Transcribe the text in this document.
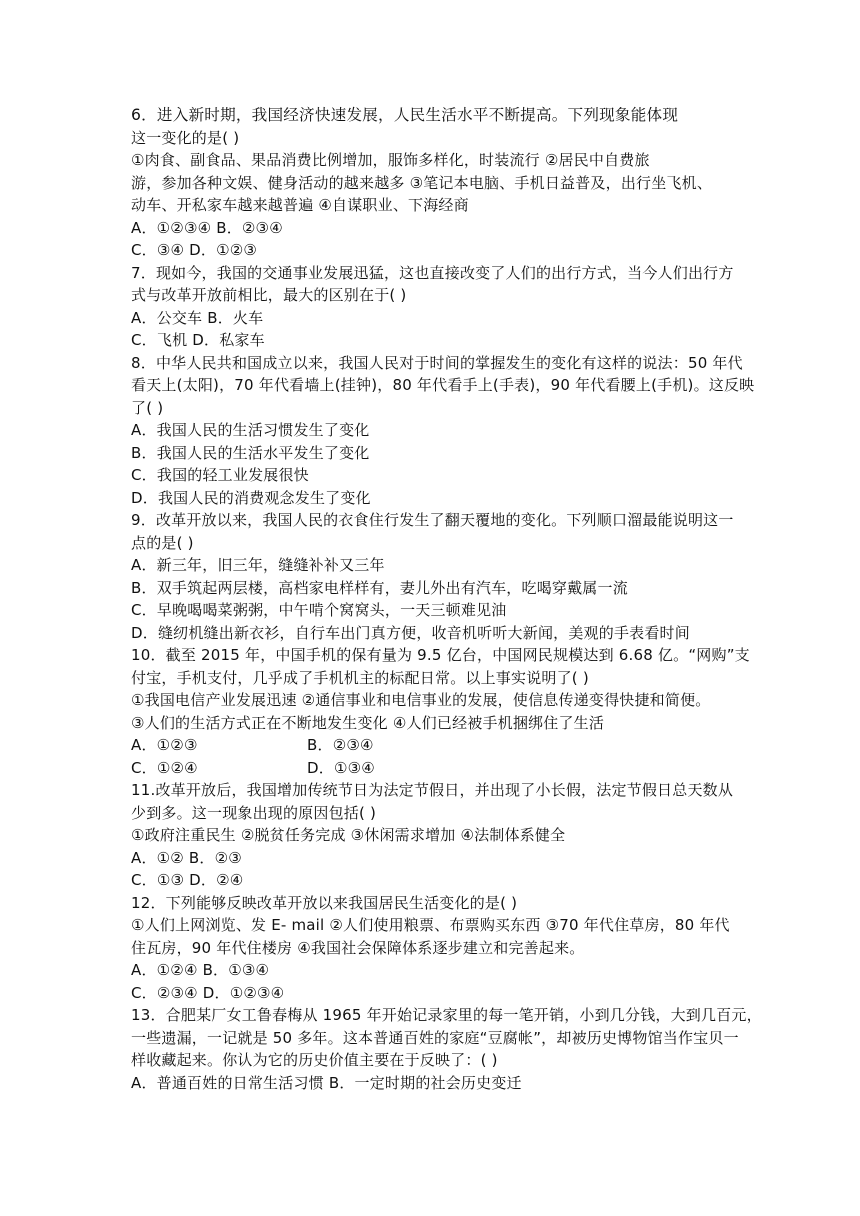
6．进入新时期，我国经济快速发展，人民生活水平不断提高。下列现象能体现
这一变化的是( )
①肉食、副食品、果品消费比例增加，服饰多样化，时装流行 ②居民中自费旅
游，参加各种文娱、健身活动的越来越多 ③笔记本电脑、手机日益普及，出行坐飞机、
动车、开私家车越来越普遍 ④自谋职业、下海经商
A．①②③④ B．②③④
C．③④ D．①②③
7．现如今，我国的交通事业发展迅猛，这也直接改变了人们的出行方式，当今人们出行方
式与改革开放前相比，最大的区别在于( )
A．公交车 B．火车
C．飞机 D．私家车
8．中华人民共和国成立以来，我国人民对于时间的掌握发生的变化有这样的说法：50 年代
看天上(太阳)，70 年代看墙上(挂钟)，80 年代看手上(手表)，90 年代看腰上(手机)。这反映
了( )
A．我国人民的生活习惯发生了变化
B．我国人民的生活水平发生了变化
C．我国的轻工业发展很快
D．我国人民的消费观念发生了变化
9．改革开放以来，我国人民的衣食住行发生了翻天覆地的变化。下列顺口溜最能说明这一
点的是( )
A．新三年，旧三年，缝缝补补又三年
B．双手筑起两层楼，高档家电样样有，妻儿外出有汽车，吃喝穿戴属一流
C．早晚喝喝菜粥粥，中午啃个窝窝头，一天三顿难见油
D．缝纫机缝出新衣衫，自行车出门真方便，收音机听听大新闻，美观的手表看时间
10．截至 2015 年，中国手机的保有量为 9.5 亿台，中国网民规模达到 6.68 亿。“网购”支
付宝，手机支付，几乎成了手机机主的标配日常。以上事实说明了( )
①我国电信产业发展迅速 ②通信事业和电信事业的发展，使信息传递变得快捷和简便。
③人们的生活方式正在不断地发生变化 ④人们已经被手机捆绑住了生活
A．①②③	B．②③④
C．①②④	D．①③④
11.改革开放后，我国增加传统节日为法定节假日，并出现了小长假，法定节假日总天数从
少到多。这一现象出现的原因包括( )
①政府注重民生 ②脱贫任务完成 ③休闲需求增加 ④法制体系健全
A．①② B．②③
C．①③ D．②④
12．下列能够反映改革开放以来我国居民生活变化的是( )
①人们上网浏览、发 E- mail ②人们使用粮票、布票购买东西 ③70 年代住草房，80 年代
住瓦房，90 年代住楼房 ④我国社会保障体系逐步建立和完善起来。
A．①②④ B．①③④
C．②③④ D．①②③④
13．合肥某厂女工鲁春梅从 1965 年开始记录家里的每一笔开销，小到几分钱，大到几百元，
一些遗漏，一记就是 50 多年。这本普通百姓的家庭“豆腐帐”，却被历史博物馆当作宝贝一
样收藏起来。你认为它的历史价值主要在于反映了：( )
A．普通百姓的日常生活习惯 B．一定时期的社会历史变迁
